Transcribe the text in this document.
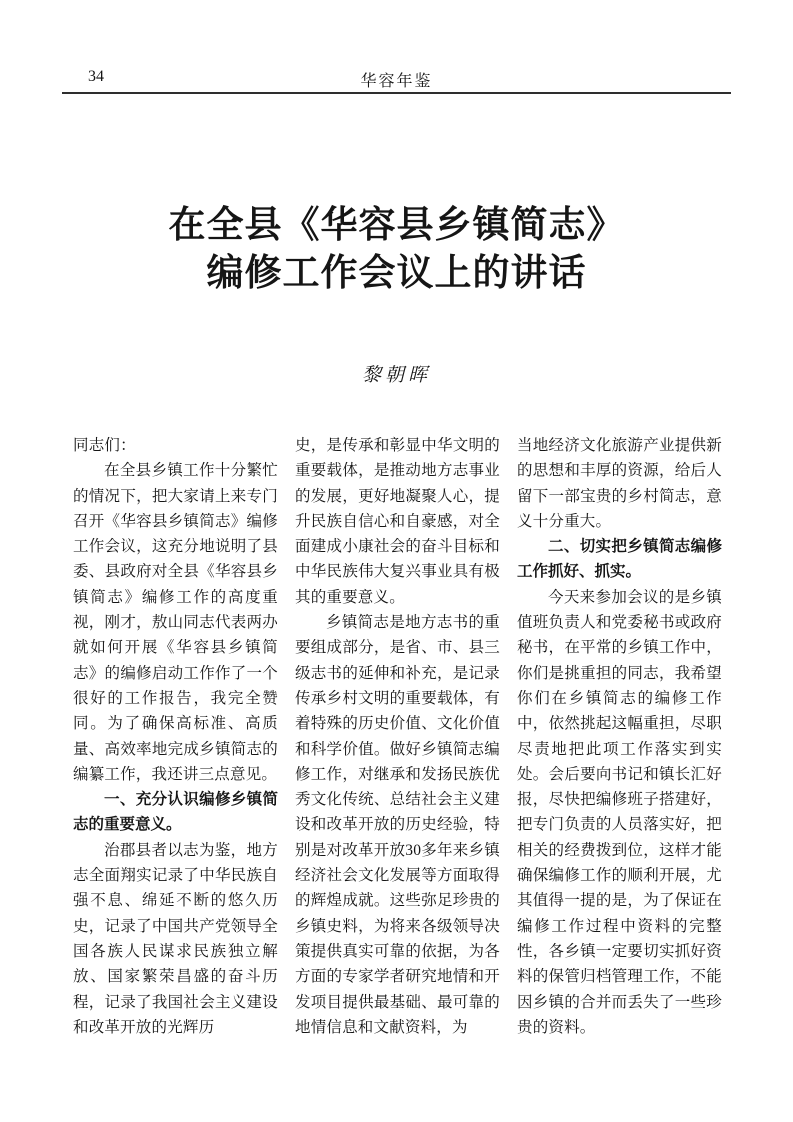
34	华容年鉴
在全县《华容县乡镇简志》
编修工作会议上的讲话
黎朝晖

同志们：

在全县乡镇工作十分繁忙的情况下，把大家请上来专门召开《华容县乡镇简志》编修工作会议，这充分地说明了县委、县政府对全县《华容县乡镇简志》编修工作的高度重视，刚才，敖山同志代表两办就如何开展《华容县乡镇简志》的编修启动工作作了一个很好的工作报告，我完全赞同。为了确保高标准、高质量、高效率地完成乡镇简志的编纂工作，我还讲三点意见。

一、充分认识编修乡镇简志的重要意义。

治郡县者以志为鉴，地方志全面翔实记录了中华民族自强不息、绵延不断的悠久历史，记录了中国共产党领导全国各族人民谋求民族独立解放、国家繁荣昌盛的奋斗历程，记录了我国社会主义建设和改革开放的光辉历

史，是传承和彰显中华文明的重要载体，是推动地方志事业的发展，更好地凝聚人心，提升民族自信心和自豪感，对全面建成小康社会的奋斗目标和中华民族伟大复兴事业具有极其的重要意义。

乡镇简志是地方志书的重要组成部分，是省、市、县三级志书的延伸和补充，是记录传承乡村文明的重要载体，有着特殊的历史价值、文化价值和科学价值。做好乡镇简志编修工作，对继承和发扬民族优秀文化传统、总结社会主义建设和改革开放的历史经验，特别是对改革开放30多年来乡镇经济社会文化发展等方面取得的辉煌成就。这些弥足珍贵的乡镇史料，为将来各级领导决策提供真实可靠的依据，为各方面的专家学者研究地情和开发项目提供最基础、最可靠的地情信息和文献资料，为

当地经济文化旅游产业提供新的思想和丰厚的资源，给后人留下一部宝贵的乡村简志，意义十分重大。

二、切实把乡镇简志编修工作抓好、抓实。

今天来参加会议的是乡镇值班负责人和党委秘书或政府秘书，在平常的乡镇工作中，你们是挑重担的同志，我希望你们在乡镇简志的编修工作中，依然挑起这幅重担，尽职尽责地把此项工作落实到实处。会后要向书记和镇长汇好报，尽快把编修班子搭建好，把专门负责的人员落实好，把相关的经费拨到位，这样才能确保编修工作的顺利开展，尤其值得一提的是，为了保证在编修工作过程中资料的完整性，各乡镇一定要切实抓好资料的保管归档管理工作，不能因乡镇的合并而丢失了一些珍贵的资料。
